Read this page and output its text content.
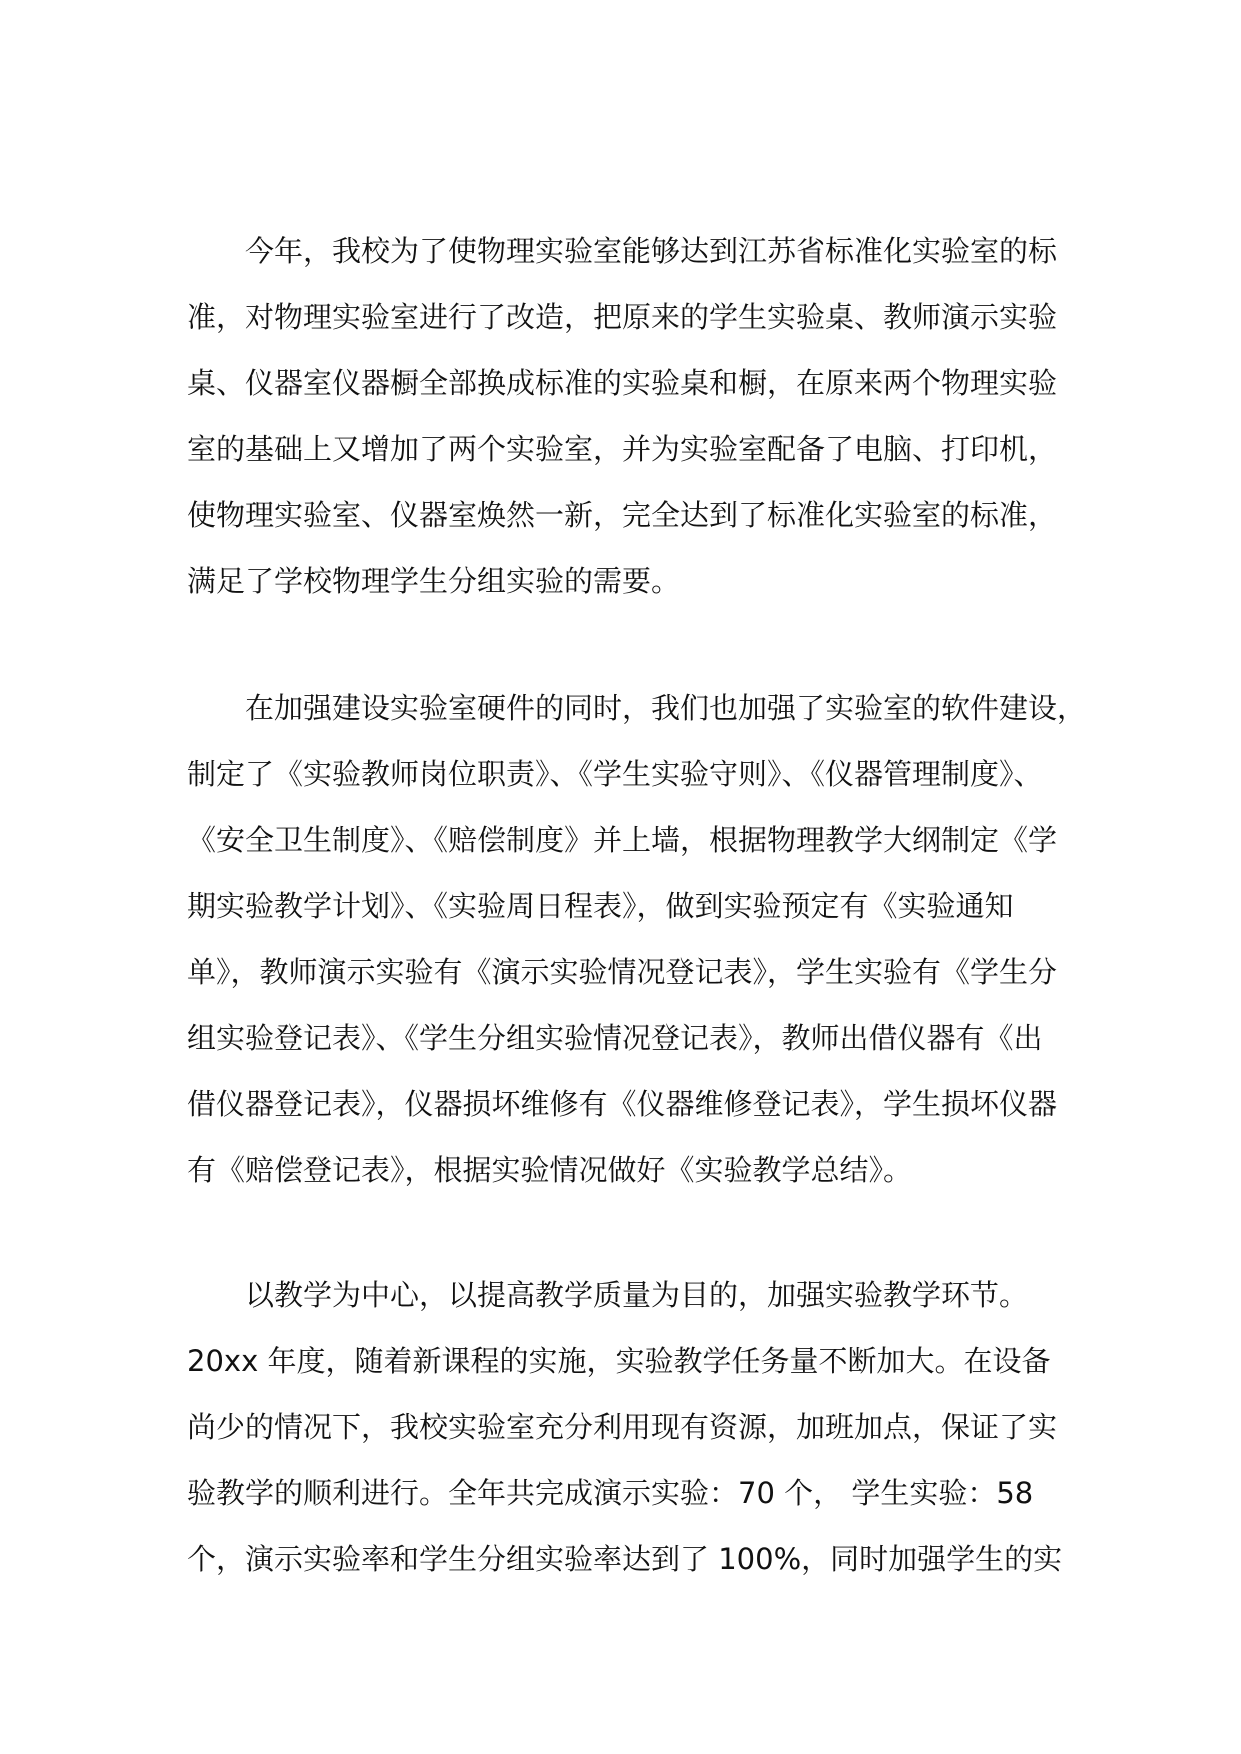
今年，我校为了使物理实验室能够达到江苏省标准化实验室的标
准，对物理实验室进行了改造，把原来的学生实验桌、教师演示实验
桌、仪器室仪器橱全部换成标准的实验桌和橱，在原来两个物理实验
室的基础上又增加了两个实验室，并为实验室配备了电脑、打印机，
使物理实验室、仪器室焕然一新，完全达到了标准化实验室的标准，
满足了学校物理学生分组实验的需要。
在加强建设实验室硬件的同时，我们也加强了实验室的软件建设，
制定了《实验教师岗位职责》、《学生实验守则》、《仪器管理制度》、
《安全卫生制度》、《赔偿制度》并上墙，根据物理教学大纲制定《学
期实验教学计划》、《实验周日程表》，做到实验预定有《实验通知
单》，教师演示实验有《演示实验情况登记表》，学生实验有《学生分
组实验登记表》、《学生分组实验情况登记表》，教师出借仪器有《出
借仪器登记表》，仪器损坏维修有《仪器维修登记表》，学生损坏仪器
有《赔偿登记表》，根据实验情况做好《实验教学总结》。
以教学为中心，以提高教学质量为目的，加强实验教学环节。
20xx 年度，随着新课程的实施，实验教学任务量不断加大。在设备
尚少的情况下，我校实验室充分利用现有资源，加班加点，保证了实
验教学的顺利进行。全年共完成演示实验：70 个， 学生实验：58
个，演示实验率和学生分组实验率达到了 100%，同时加强学生的实
